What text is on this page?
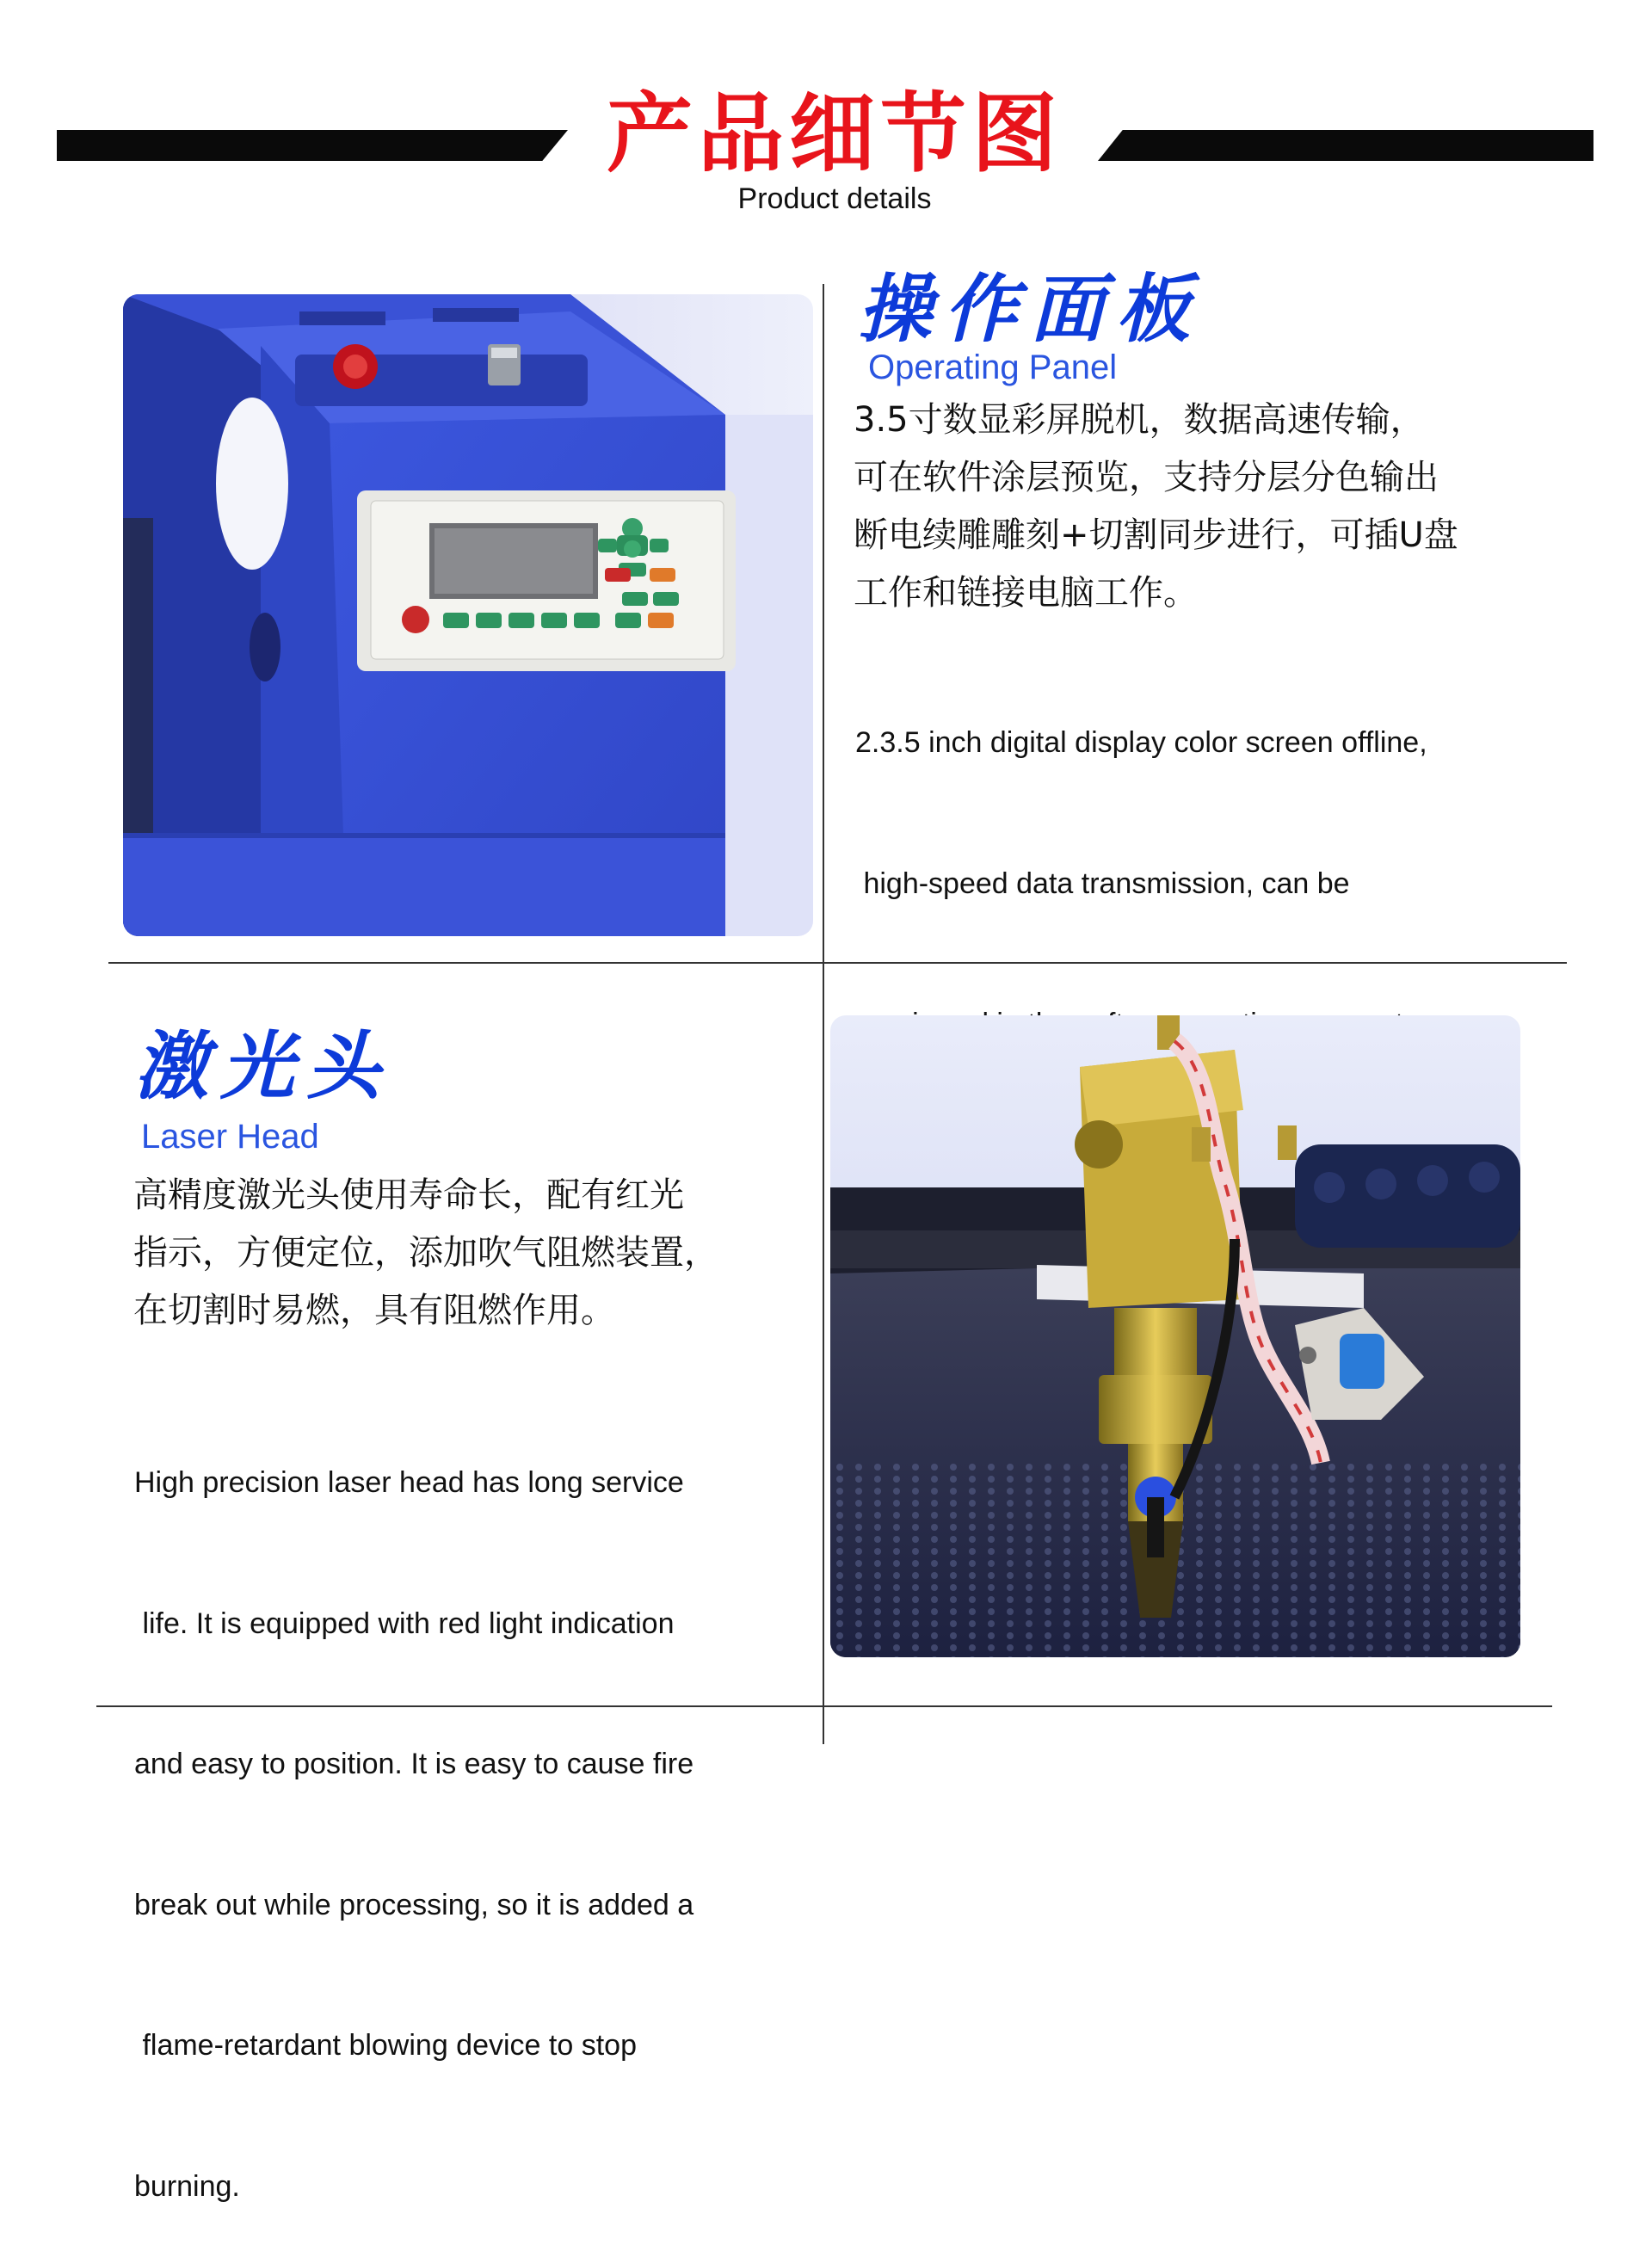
产品细节图
Product details
操作面板
Operating Panel
3.5寸数显彩屏脱机，数据高速传输，
可在软件涂层预览，支持分层分色输出
断电续雕雕刻+切割同步进行，可插U盘
工作和链接电脑工作。

2.3.5 inch digital display color screen offline,

high-speed data transmission, can be

激光头
Laser Head
高精度激光头使用寿命长，配有红光
指示，方便定位，添加吹气阻燃装置，
在切割时易燃，具有阻燃作用。

High precision laser head has long service

life. It is equipped with red light indication

and easy to position. It is easy to cause fire

break out while processing, so it is added a

flame-retardant blowing device to stop

burning.
